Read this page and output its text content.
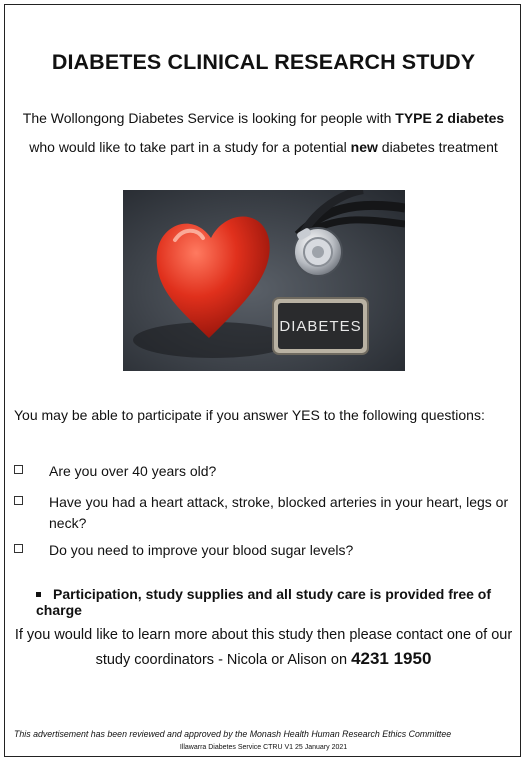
DIABETES CLINICAL RESEARCH STUDY
The Wollongong Diabetes Service is looking for people with TYPE 2 diabetes
who would like to take part in a study for a potential new diabetes treatment
DIABETES
You may be able to participate if you answer YES to the following questions:
Are you over 40 years old?
Have you had a heart attack, stroke, blocked arteries in your heart, legs or neck?
Do you need to improve your blood sugar levels?
Participation, study supplies and all study care is provided free of charge
If you would like to learn more about this study then please contact one of our
study coordinators - Nicola or Alison on 4231 1950
This advertisement has been reviewed and approved by the Monash Health Human Research Ethics Committee
Illawarra Diabetes Service CTRU V1 25 January 2021
